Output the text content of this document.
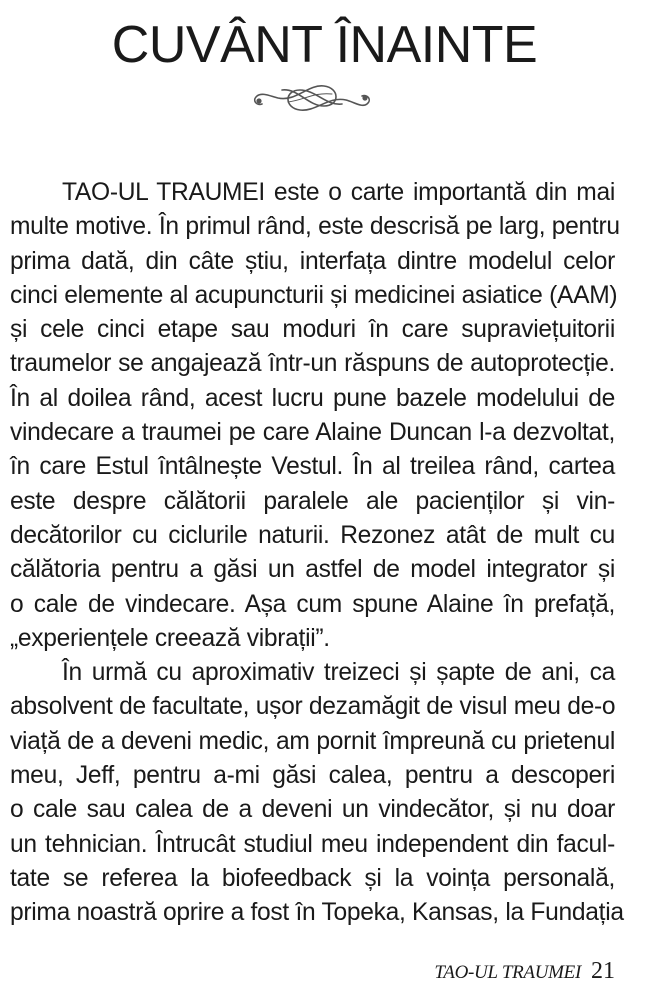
CUVÂNT ÎNAINTE

TAO-UL TRAUMEI este o carte importantă din mai
multe motive. În primul rând, este descrisă pe larg, pentru
prima dată, din câte știu, interfața dintre modelul celor
cinci elemente al acupuncturii și medicinei asiatice (AAM)
și cele cinci etape sau moduri în care supraviețuitorii
traumelor se angajează într-un răspuns de autoprotecție.
În al doilea rând, acest lucru pune bazele modelului de
vindecare a traumei pe care Alaine Duncan l-a dezvoltat,
în care Estul întâlnește Vestul. În al treilea rând, cartea
este despre călătorii paralele ale pacienților și vin-
decătorilor cu ciclurile naturii. Rezonez atât de mult cu
călătoria pentru a găsi un astfel de model integrator și
o cale de vindecare. Așa cum spune Alaine în prefață,
„experiențele creează vibrații”.

În urmă cu aproximativ treizeci și șapte de ani, ca
absolvent de facultate, ușor dezamăgit de visul meu de-o
viață de a deveni medic, am pornit împreună cu prietenul
meu, Jeff, pentru a-mi găsi calea, pentru a descoperi
o cale sau calea de a deveni un vindecător, și nu doar
un tehnician. Întrucât studiul meu independent din facul-
tate se referea la biofeedback și la voința personală,
prima noastră oprire a fost în Topeka, Kansas, la Fundația

TAO-UL TRAUMEI 21
